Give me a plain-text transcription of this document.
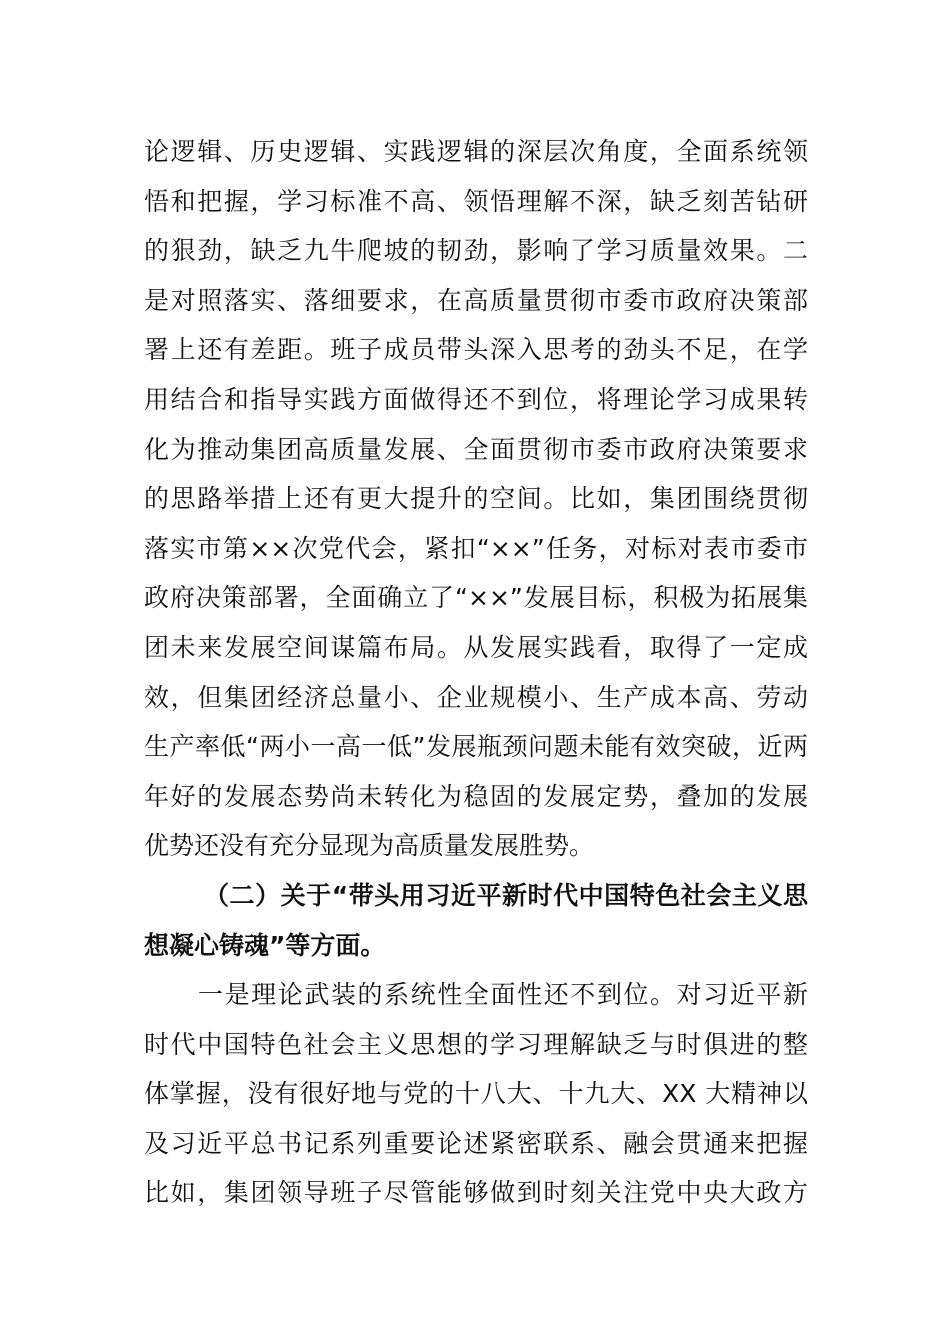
论逻辑、历史逻辑、实践逻辑的深层次角度，全面系统领
悟和把握，学习标准不高、领悟理解不深，缺乏刻苦钻研
的狠劲，缺乏九牛爬坡的韧劲，影响了学习质量效果。二
是对照落实、落细要求，在高质量贯彻市委市政府决策部
署上还有差距。班子成员带头深入思考的劲头不足，在学
用结合和指导实践方面做得还不到位，将理论学习成果转
化为推动集团高质量发展、全面贯彻市委市政府决策要求
的思路举措上还有更大提升的空间。比如，集团围绕贯彻
落实市第××次党代会，紧扣“××”任务，对标对表市委市
政府决策部署，全面确立了“××”发展目标，积极为拓展集
团未来发展空间谋篇布局。从发展实践看，取得了一定成
效，但集团经济总量小、企业规模小、生产成本高、劳动
生产率低“两小一高一低”发展瓶颈问题未能有效突破，近两
年好的发展态势尚未转化为稳固的发展定势，叠加的发展
优势还没有充分显现为高质量发展胜势。
（二）关于“带头用习近平新时代中国特色社会主义思
想凝心铸魂”等方面。
一是理论武装的系统性全面性还不到位。对习近平新
时代中国特色社会主义思想的学习理解缺乏与时俱进的整
体掌握，没有很好地与党的十八大、十九大、XX 大精神以
及习近平总书记系列重要论述紧密联系、融会贯通来把握
比如，集团领导班子尽管能够做到时刻关注党中央大政方
